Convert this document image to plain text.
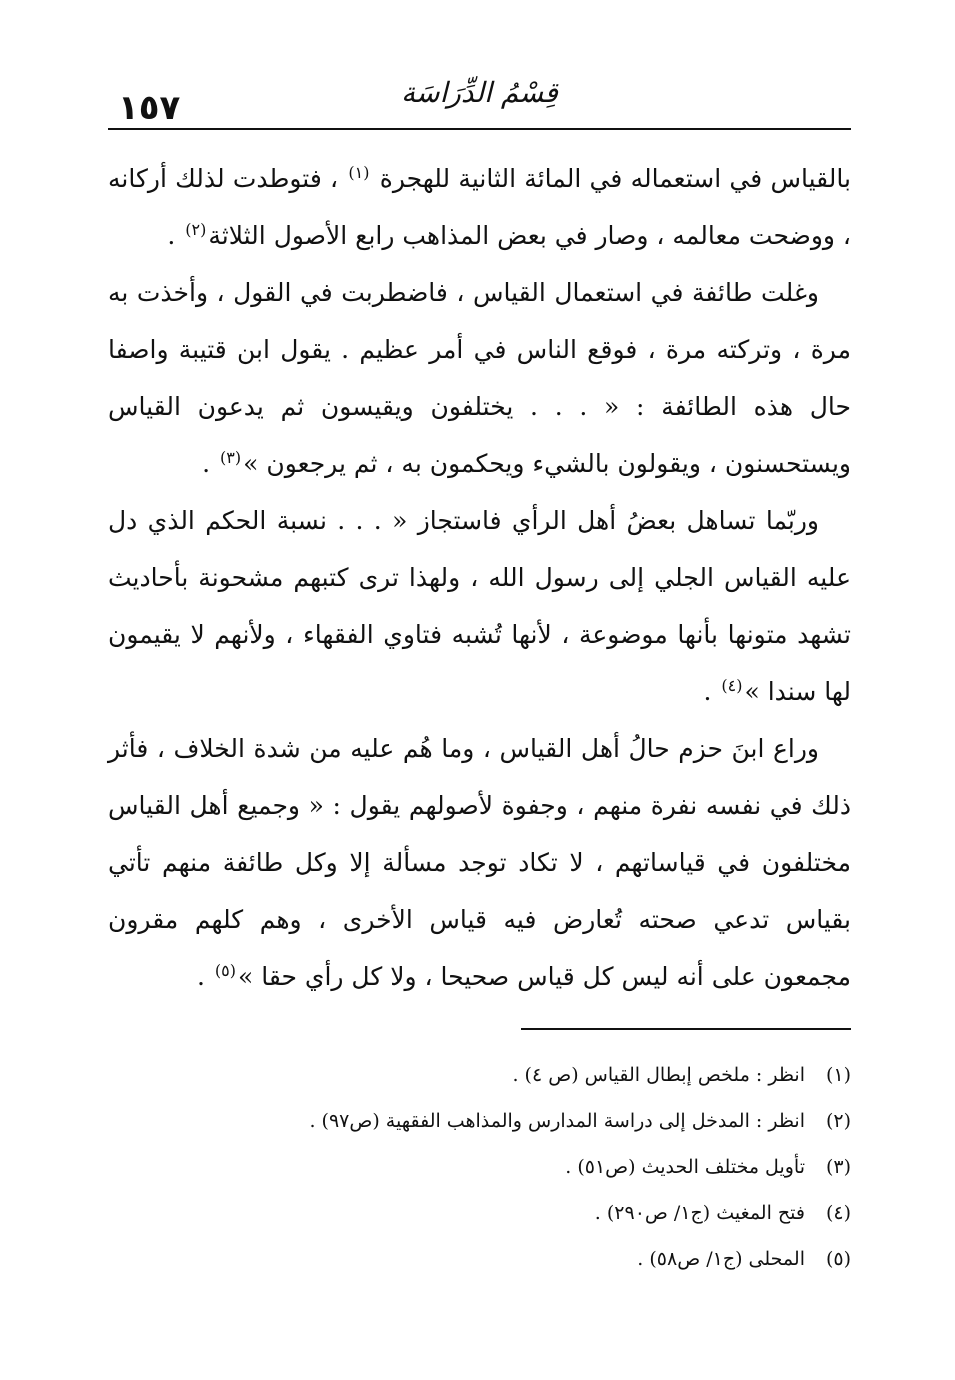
١٥٧	قِسْمُ الدِّرَاسَة

بالقياس في استعماله في المائة الثانية للهجرة $^{(١)}$ ، فتوطدت لذلك أركانه ، ووضحت معالمه ، وصار في بعض المذاهب رابع الأصول الثلاثة$^{(٢)}$ .

وغلت طائفة في استعمال القياس ، فاضطربت في القول ، وأخذت به مرة ، وتركته مرة ، فوقع الناس في أمر عظيم . يقول ابن قتيبة واصفا حال هذه الطائفة : « . . . يختلفون ويقيسون ثم يدعون القياس ويستحسنون ، ويقولون بالشيء ويحكمون به ، ثم يرجعون »$^{(٣)}$ .

وربّما تساهل بعضُ أهل الرأي فاستجاز « . . . نسبة الحكم الذي دل عليه القياس الجلي إلى رسول الله ، ولهذا ترى كتبهم مشحونة بأحاديث تشهد متونها بأنها موضوعة ، لأنها تُشبه فتاوي الفقهاء ، ولأنهم لا يقيمون لها سندا »$^{(٤)}$ .

وراع ابنَ حزم حالُ أهل القياس ، وما هُم عليه من شدة الخلاف ، فأثر ذلك في نفسه نفرة منهم ، وجفوة لأصولهم يقول : « وجميع أهل القياس مختلفون في قياساتهم ، لا تكاد توجد مسألة إلا وكل طائفة منهم تأتي بقياس تدعي صحته تُعارض فيه قياس الأخرى ، وهم كلهم مقرون مجمعون على أنه ليس كل قياس صحيحا ، ولا كل رأي حقا »$^{(٥)}$ .

(١)
انظر : ملخص إبطال القياس (ص ٤) .
(٢)
انظر : المدخل إلى دراسة المدارس والمذاهب الفقهية (ص٩٧) .
(٣)
تأويل مختلف الحديث (ص٥١) .
(٤)
فتح المغيث (ج١/ ص٢٩٠) .
(٥)
المحلى (ج١/ ص٥٨) .
